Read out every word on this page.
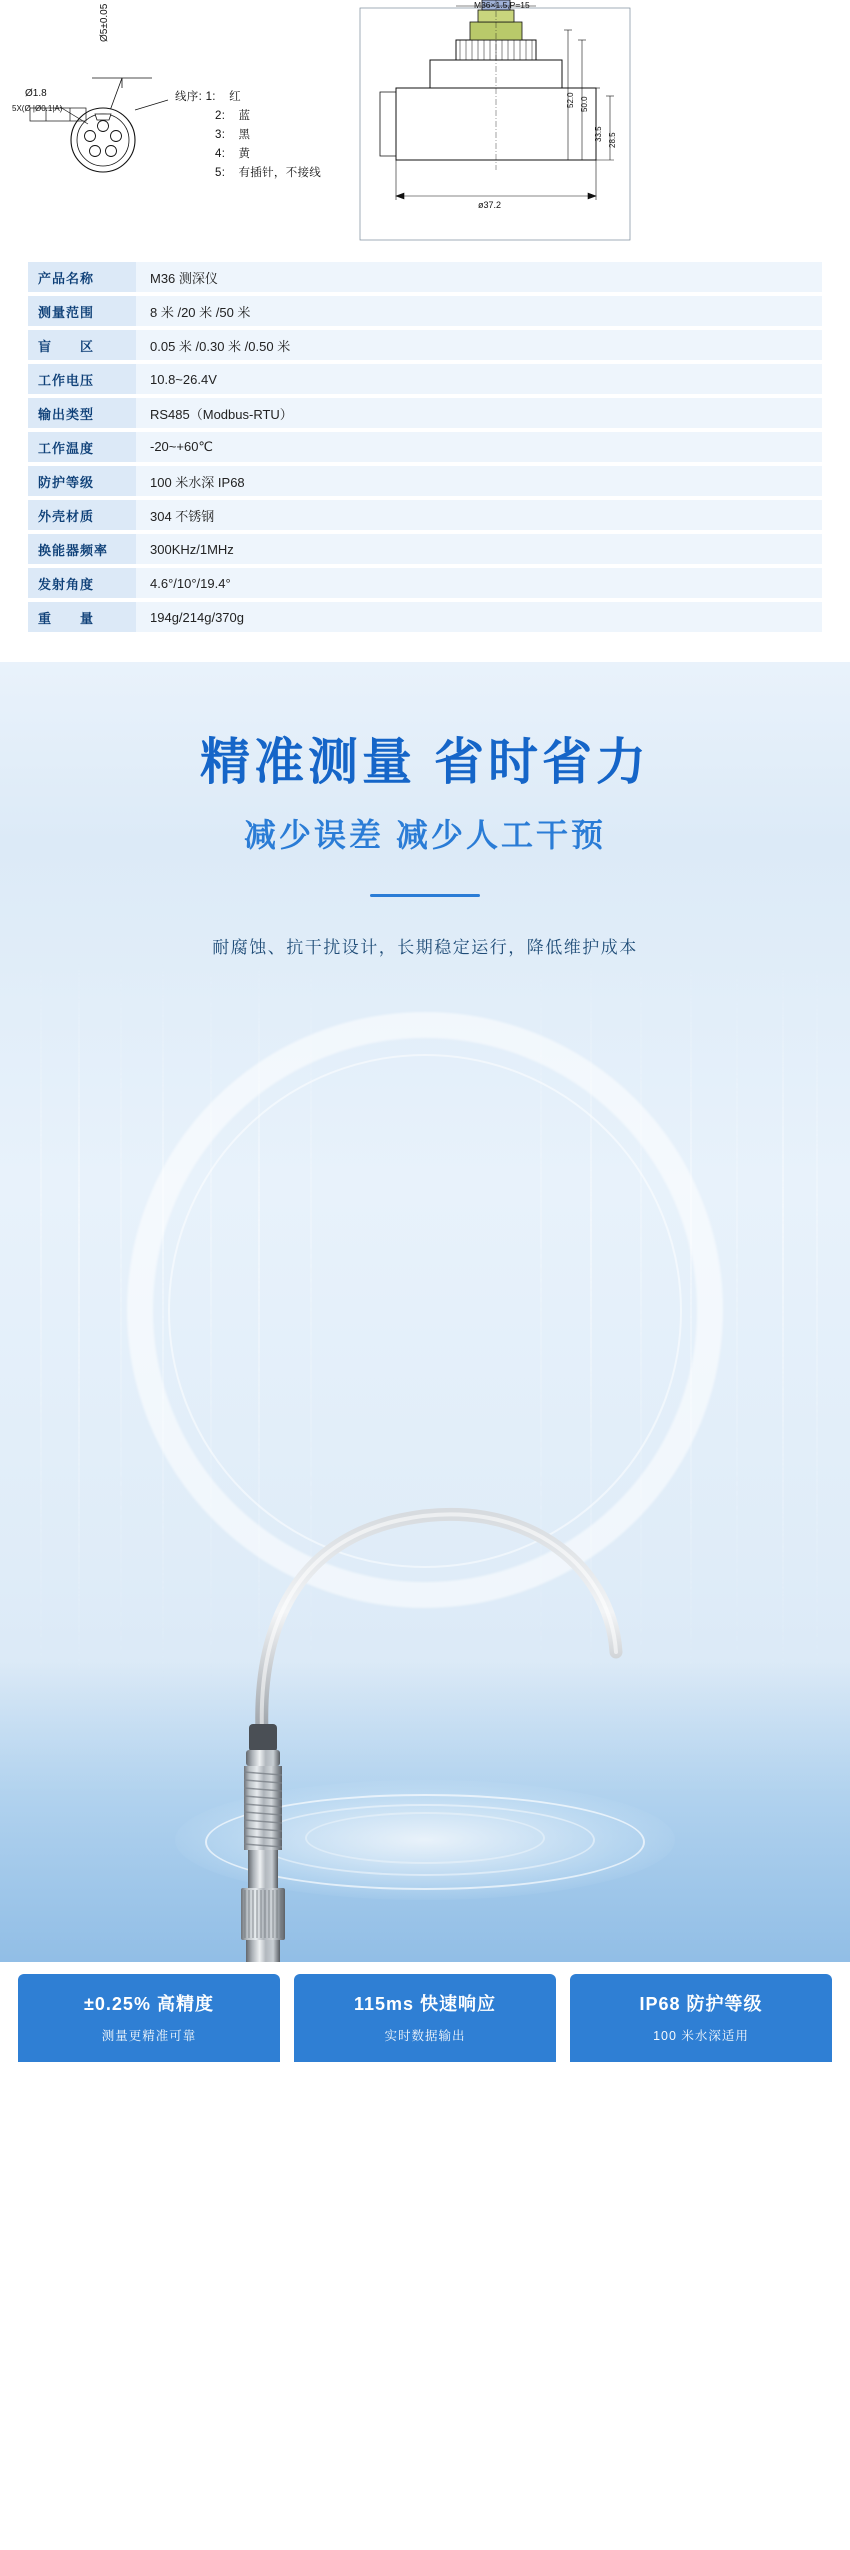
Ø1.8
Ø5±0.05
5X(Ø |Ø0.1|A)
线序: 1: 红
2: 蓝
3: 黑
4: 黄
5: 有插针，不接线
M36×1.5,P=15
52.0 50.0
33.5 28.5
ø37.2
产品名称	M36 测深仪
测量范围	8 米 /20 米 /50 米
盲　　区	0.05 米 /0.30 米 /0.50 米
工作电压	10.8~26.4V
输出类型	RS485（Modbus-RTU）
工作温度	-20~+60℃
防护等级	100 米水深 IP68
外壳材质	304 不锈钢
换能器频率	300KHz/1MHz
发射角度	4.6°/10°/19.4°
重　　量	194g/214g/370g
精准测量 省时省力
减少误差 减少人工干预
耐腐蚀、抗干扰设计，长期稳定运行，降低维护成本
±0.25% 高精度
测量更精准可靠
115ms 快速响应
实时数据输出
IP68 防护等级
100 米水深适用
